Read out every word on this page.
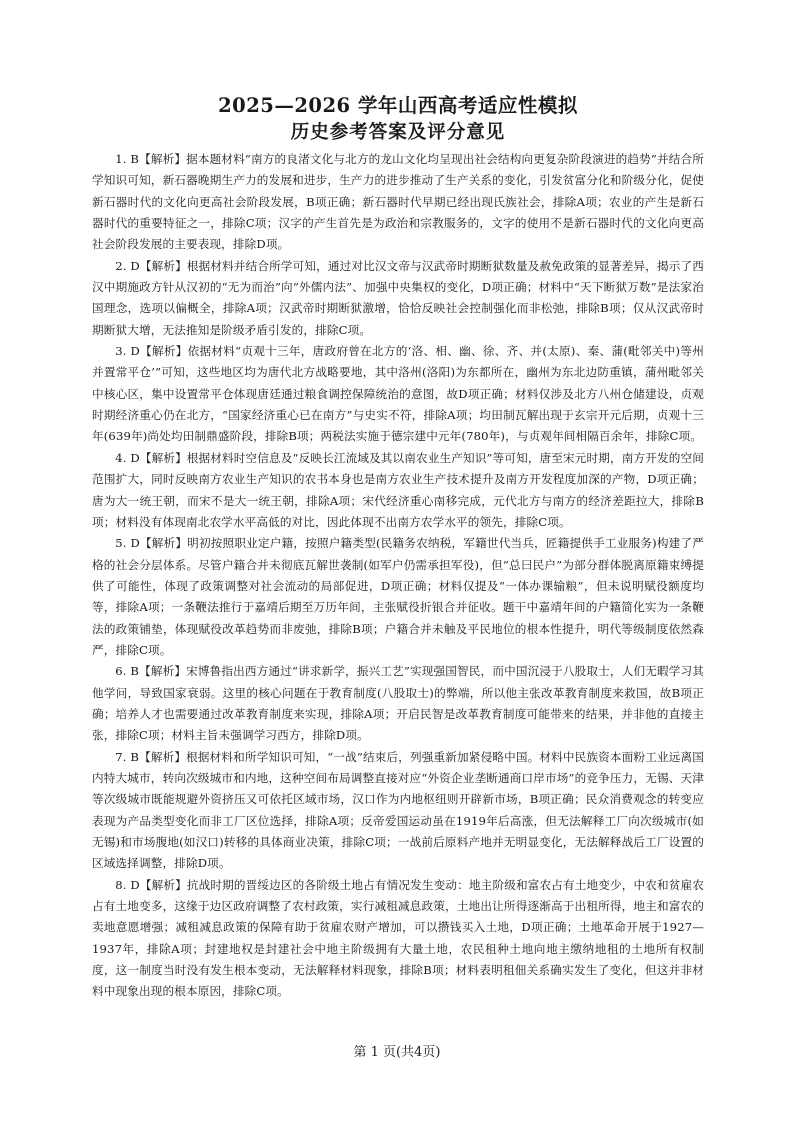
2025—2026 学年山西高考适应性模拟
历史参考答案及评分意见

1. B【解析】据本题材料“南方的良渚文化与北方的龙山文化均呈现出社会结构向更复杂阶段演进的趋势”并结合所学知识可知，新石器晚期生产力的发展和进步，生产力的进步推动了生产关系的变化，引发贫富分化和阶级分化，促使新石器时代的文化向更高社会阶段发展，B项正确；新石器时代早期已经出现氏族社会，排除A项；农业的产生是新石器时代的重要特征之一，排除C项；汉字的产生首先是为政治和宗教服务的，文字的使用不是新石器时代的文化向更高社会阶段发展的主要表现，排除D项。

2. D【解析】根据材料并结合所学可知，通过对比汉文帝与汉武帝时期断狱数量及赦免政策的显著差异，揭示了西汉中期施政方针从汉初的“无为而治”向“外儒内法”、加强中央集权的变化，D项正确；材料中“天下断狱万数”是法家治国理念，选项以偏概全，排除A项；汉武帝时期断狱激增，恰恰反映社会控制强化而非松弛，排除B项；仅从汉武帝时期断狱大增，无法推知是阶级矛盾引发的，排除C项。

3. D【解析】依据材料“贞观十三年，唐政府曾在北方的‘洛、相、幽、徐、齐、并(太原)、秦、蒲(毗邻关中)等州并置常平仓’”可知，这些地区均为唐代北方战略要地，其中洛州(洛阳)为东都所在，幽州为东北边防重镇，蒲州毗邻关中核心区，集中设置常平仓体现唐廷通过粮食调控保障统治的意图，故D项正确；材料仅涉及北方八州仓储建设，贞观时期经济重心仍在北方，“国家经济重心已在南方”与史实不符，排除A项；均田制瓦解出现于玄宗开元后期，贞观十三年(639年)尚处均田制鼎盛阶段，排除B项；两税法实施于德宗建中元年(780年)，与贞观年间相隔百余年，排除C项。

4. D【解析】根据材料时空信息及“反映长江流域及其以南农业生产知识”等可知，唐至宋元时期，南方开发的空间范围扩大，同时反映南方农业生产知识的农书本身也是南方农业生产技术提升及南方开发程度加深的产物，D项正确；唐为大一统王朝，而宋不是大一统王朝，排除A项；宋代经济重心南移完成，元代北方与南方的经济差距拉大，排除B项；材料没有体现南北农学水平高低的对比，因此体现不出南方农学水平的领先，排除C项。

5. D【解析】明初按照职业定户籍，按照户籍类型(民籍务农纳税，军籍世代当兵，匠籍提供手工业服务)构建了严格的社会分层体系。尽管户籍合并未彻底瓦解世袭制(如军户仍需承担军役)，但“总曰民户”为部分群体脱离原籍束缚提供了可能性，体现了政策调整对社会流动的局部促进，D项正确；材料仅提及“一体办课输粮”，但未说明赋役额度均等，排除A项；一条鞭法推行于嘉靖后期至万历年间，主张赋役折银合并征收。题干中嘉靖年间的户籍简化实为一条鞭法的政策铺垫，体现赋役改革趋势而非废弛，排除B项；户籍合并未触及平民地位的根本性提升，明代等级制度依然森严，排除C项。

6. B【解析】宋博鲁指出西方通过“讲求新学，振兴工艺”实现强国智民，而中国沉浸于八股取士，人们无暇学习其他学问，导致国家衰弱。这里的核心问题在于教育制度(八股取士)的弊端，所以他主张改革教育制度来救国，故B项正确；培养人才也需要通过改革教育制度来实现，排除A项；开启民智是改革教育制度可能带来的结果，并非他的直接主张，排除C项；材料主旨未强调学习西方，排除D项。

7. B【解析】根据材料和所学知识可知，“一战”结束后，列强重新加紧侵略中国。材料中民族资本面粉工业远离国内特大城市，转向次级城市和内地，这种空间布局调整直接对应“外资企业垄断通商口岸市场”的竞争压力，无锡、天津等次级城市既能规避外资挤压又可依托区域市场，汉口作为内地枢纽则开辟新市场，B项正确；民众消费观念的转变应表现为产品类型变化而非工厂区位选择，排除A项；反帝爱国运动虽在1919年后高涨，但无法解释工厂向次级城市(如无锡)和市场腹地(如汉口)转移的具体商业决策，排除C项；一战前后原料产地并无明显变化，无法解释战后工厂设置的区域选择调整，排除D项。

8. D【解析】抗战时期的晋绥边区的各阶级土地占有情况发生变动：地主阶级和富农占有土地变少，中农和贫雇农占有土地变多，这缘于边区政府调整了农村政策，实行减租减息政策，土地出让所得逐渐高于出租所得，地主和富农的卖地意愿增强；减租减息政策的保障有助于贫雇农财产增加，可以攒钱买入土地，D项正确；土地革命开展于1927—1937年，排除A项；封建地权是封建社会中地主阶级拥有大量土地，农民租种土地向地主缴纳地租的土地所有权制度，这一制度当时没有发生根本变动，无法解释材料现象，排除B项；材料表明租佃关系确实发生了变化，但这并非材料中现象出现的根本原因，排除C项。

第 1 页(共4页)
